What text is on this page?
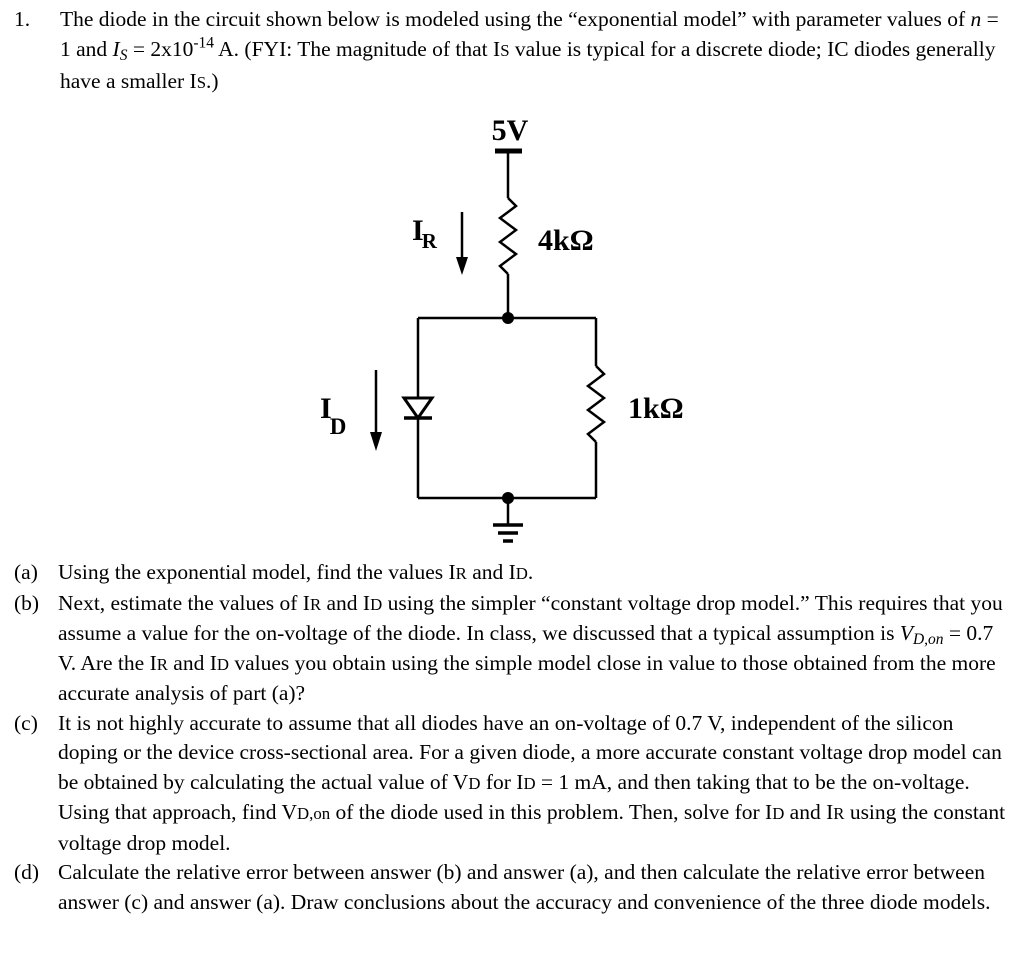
1. The diode in the circuit shown below is modeled using the “exponential model” with parameter values of n = 1 and $I_S = 2x10^{-14}$ A. (FYI: The magnitude of that IS value is typical for a discrete diode; IC diodes generally have a smaller IS.)
5V
4kΩ
IR
I D
1kΩ
(a) Using the exponential model, find the values IR and ID.
(b) Next, estimate the values of IR and ID using the simpler “constant voltage drop model.” This requires that you assume a value for the on-voltage of the diode. In class, we discussed that a typical assumption is $V_{D,on} = 0.7$ V. Are the IR and ID values you obtain using the simple model close in value to those obtained from the more accurate analysis of part (a)?
(c) It is not highly accurate to assume that all diodes have an on-voltage of 0.7 V, independent of the silicon doping or the device cross-sectional area. For a given diode, a more accurate constant voltage drop model can be obtained by calculating the actual value of VD for ID = 1 mA, and then taking that to be the on-voltage. Using that approach, find VD,on of the diode used in this problem. Then, solve for ID and IR using the constant voltage drop model.
(d) Calculate the relative error between answer (b) and answer (a), and then calculate the relative error between answer (c) and answer (a). Draw conclusions about the accuracy and convenience of the three diode models.
